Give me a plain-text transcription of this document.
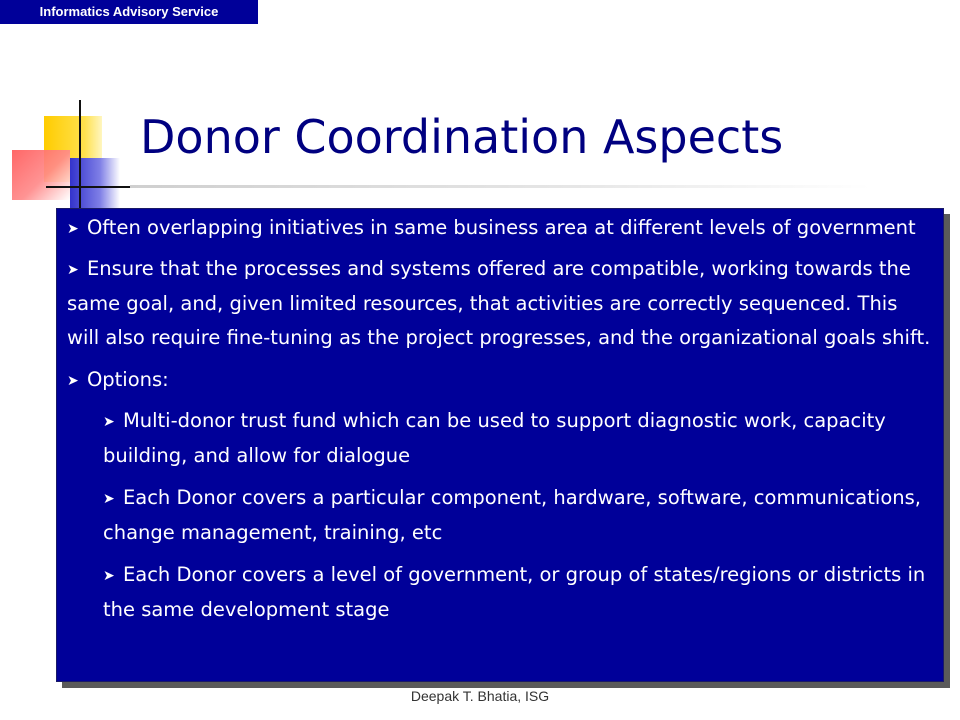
Informatics Advisory Service
Donor Coordination Aspects

➤ Often overlapping initiatives in same business area at different levels of government

➤ Ensure that the processes and systems offered are compatible, working towards the same goal, and, given limited resources, that activities are correctly sequenced. This will also require fine-tuning as the project progresses, and the organizational goals shift.

➤ Options:

➤ Multi-donor trust fund which can be used to support diagnostic work, capacity building, and allow for dialogue

➤ Each Donor covers a particular component, hardware, software, communications, change management, training, etc

➤ Each Donor covers a level of government, or group of states/regions or districts in the same development stage

Deepak T. Bhatia, ISG
